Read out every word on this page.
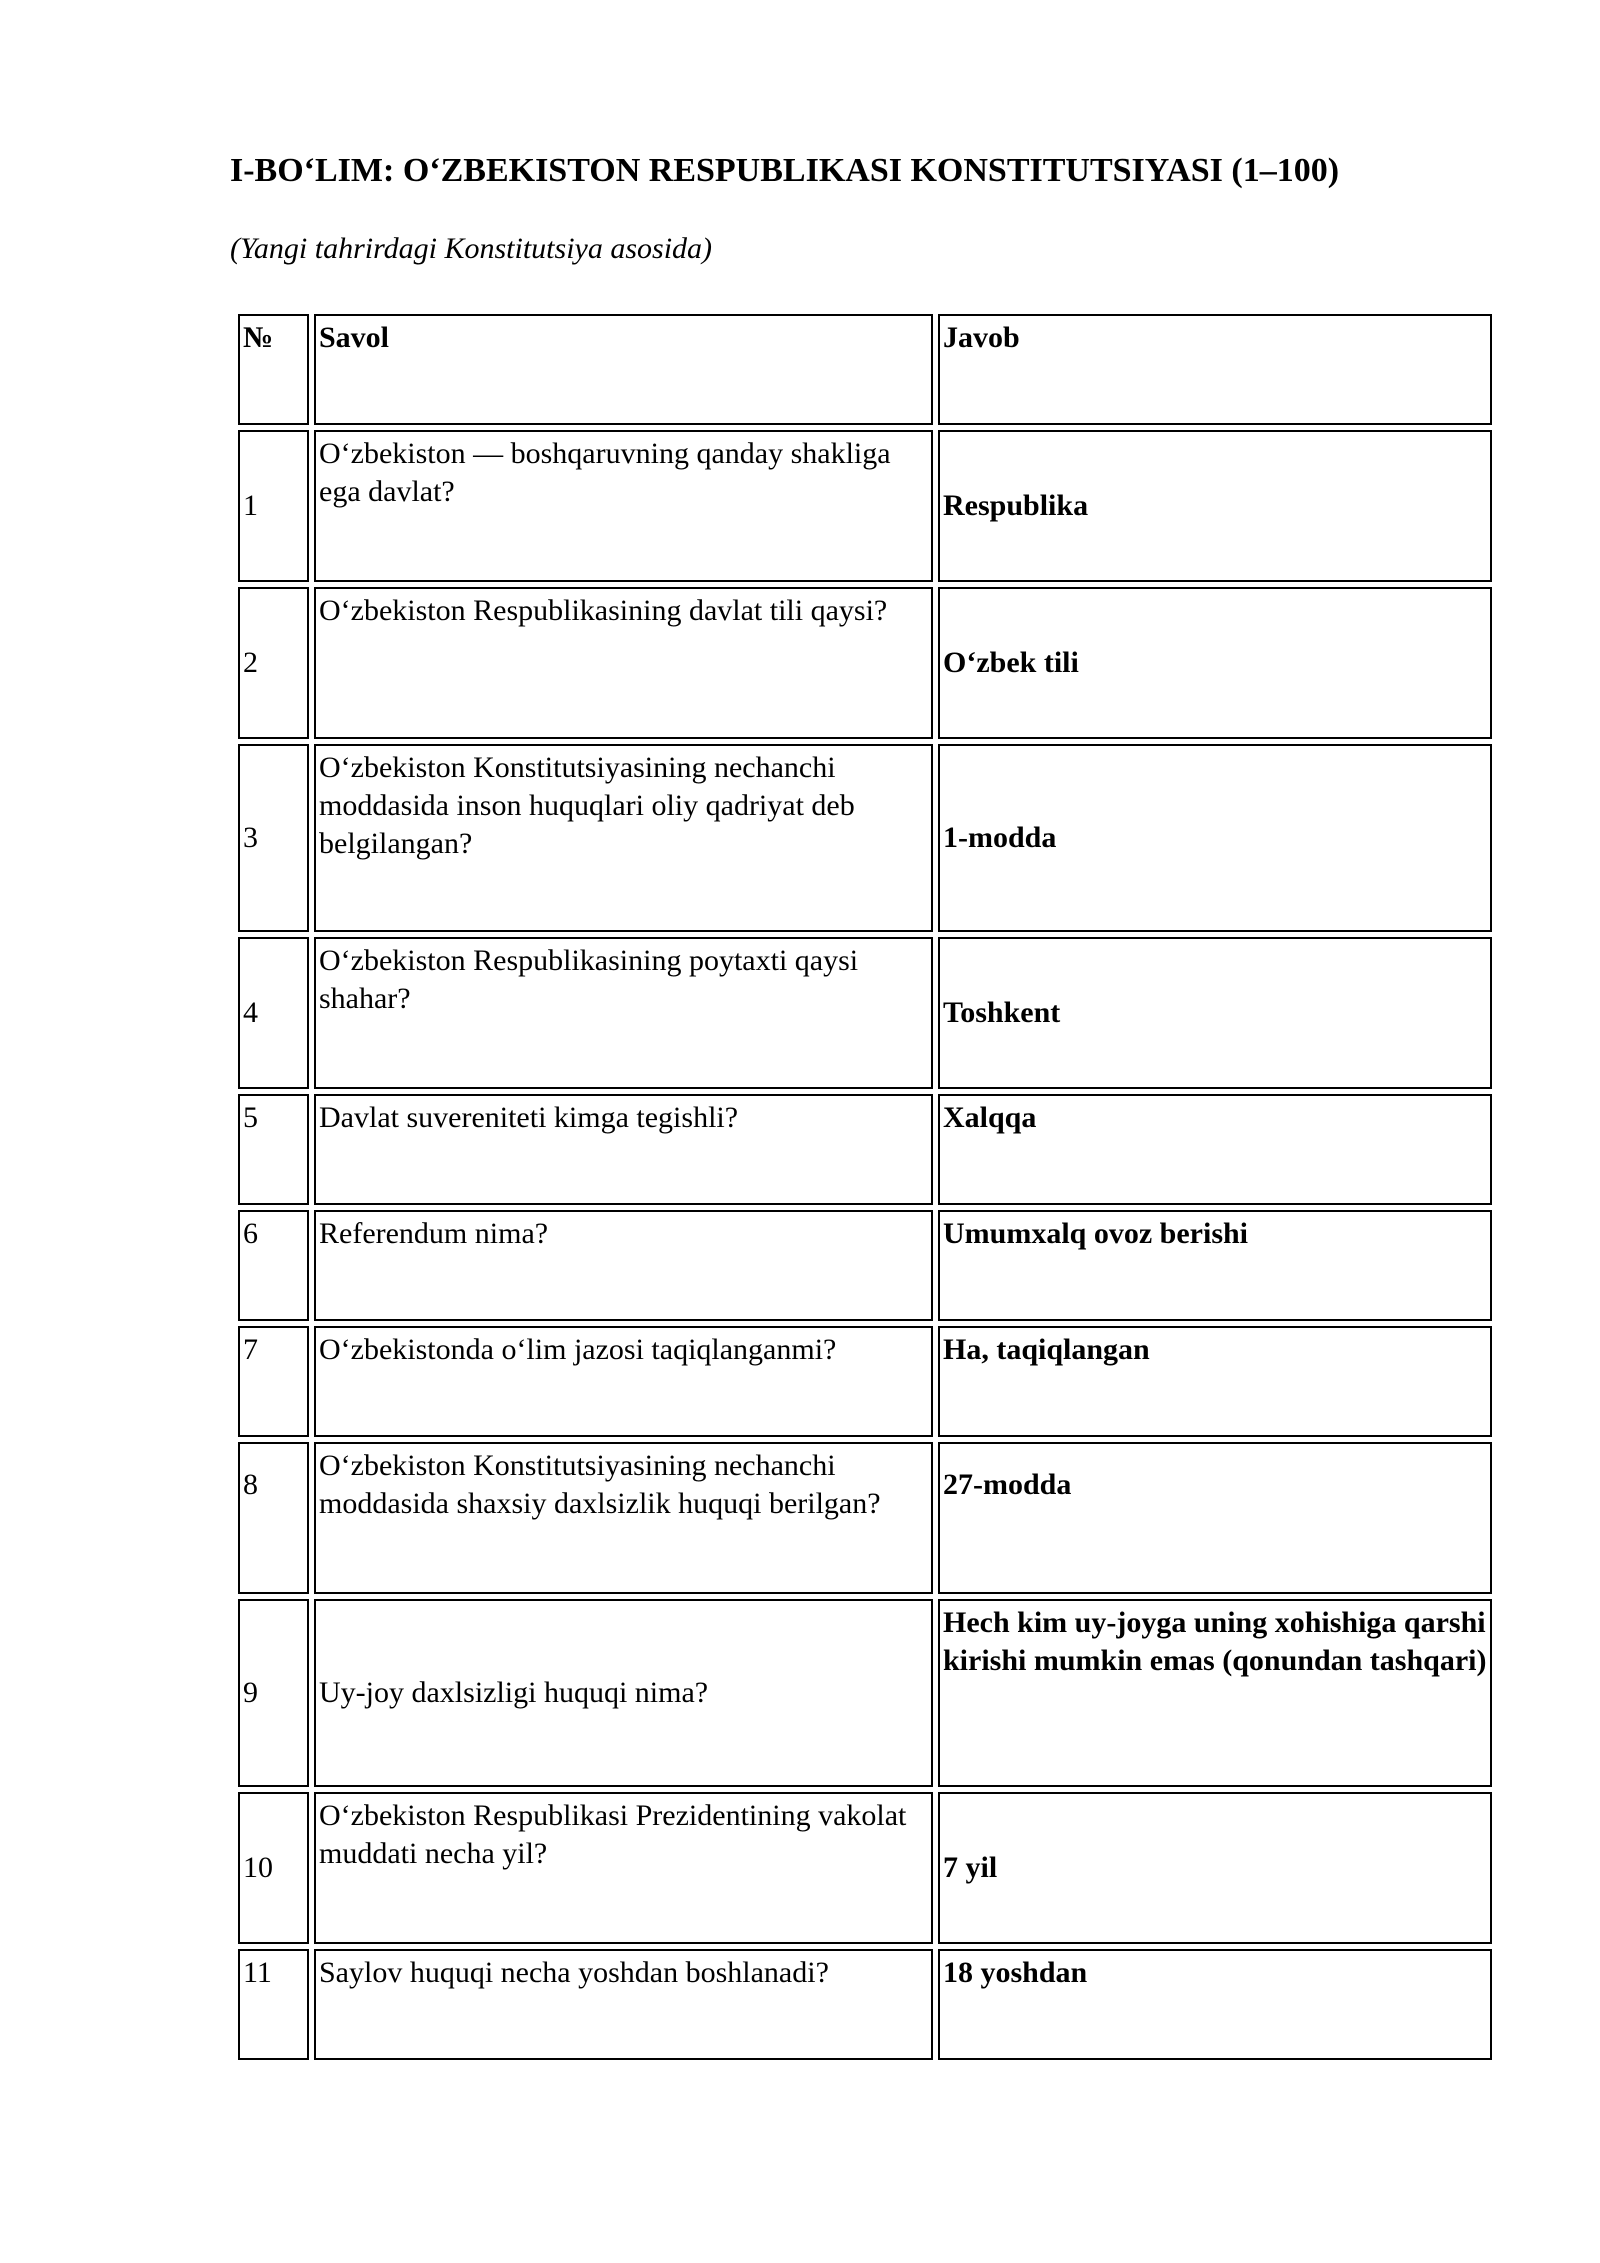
I-BO‘LIM: O‘ZBEKISTON RESPUBLIKASI KONSTITUTSIYASI (1–100)

(Yangi tahrirdagi Konstitutsiya asosida)

№	Savol	Javob
1	O‘zbekiston — boshqaruvning qanday shakliga ega davlat?	Respublika
2	O‘zbekiston Respublikasining davlat tili qaysi?	O‘zbek tili
3	O‘zbekiston Konstitutsiyasining nechanchi moddasida inson huquqlari oliy qadriyat deb belgilangan?	1-modda
4	O‘zbekiston Respublikasining poytaxti qaysi shahar?	Toshkent
5	Davlat suvereniteti kimga tegishli?	Xalqqa
6	Referendum nima?	Umumxalq ovoz berishi
7	O‘zbekistonda o‘lim jazosi taqiqlanganmi?	Ha, taqiqlangan
8	O‘zbekiston Konstitutsiyasining nechanchi moddasida shaxsiy daxlsizlik huquqi berilgan?	27-modda
9	Uy-joy daxlsizligi huquqi nima?	Hech kim uy-joyga uning xohishiga qarshi kirishi mumkin emas (qonundan tashqari)
10	O‘zbekiston Respublikasi Prezidentining vakolat muddati necha yil?	7 yil
11	Saylov huquqi necha yoshdan boshlanadi?	18 yoshdan
